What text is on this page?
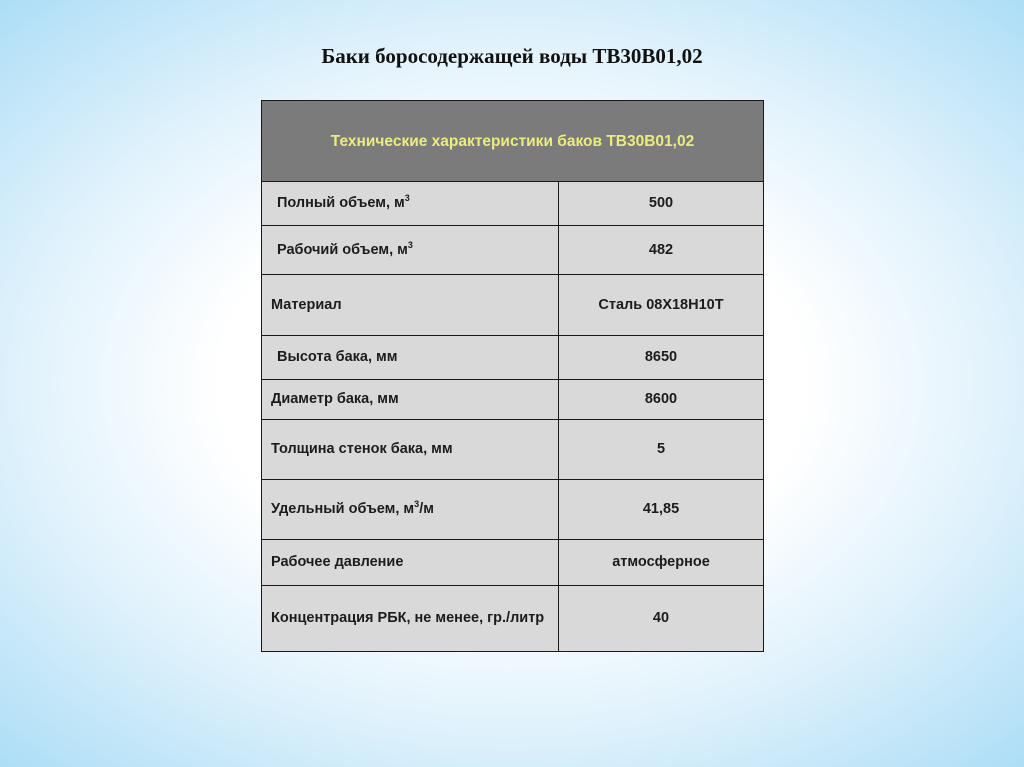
Баки боросодержащей воды ТВ30В01,02
Технические характеристики баков ТВ30В01,02	
Полный объем, $м^3$	500
Рабочий объем, $м^3$	482
Материал	Сталь 08Х18Н10Т
Высота бака, мм	8650
Диаметр бака, мм	8600
Толщина стенок бака, мм	5
Удельный объем, $м^3/м$	41,85
Рабочее давление	атмосферное
Концентрация РБК, не менее, гр./литр	40
